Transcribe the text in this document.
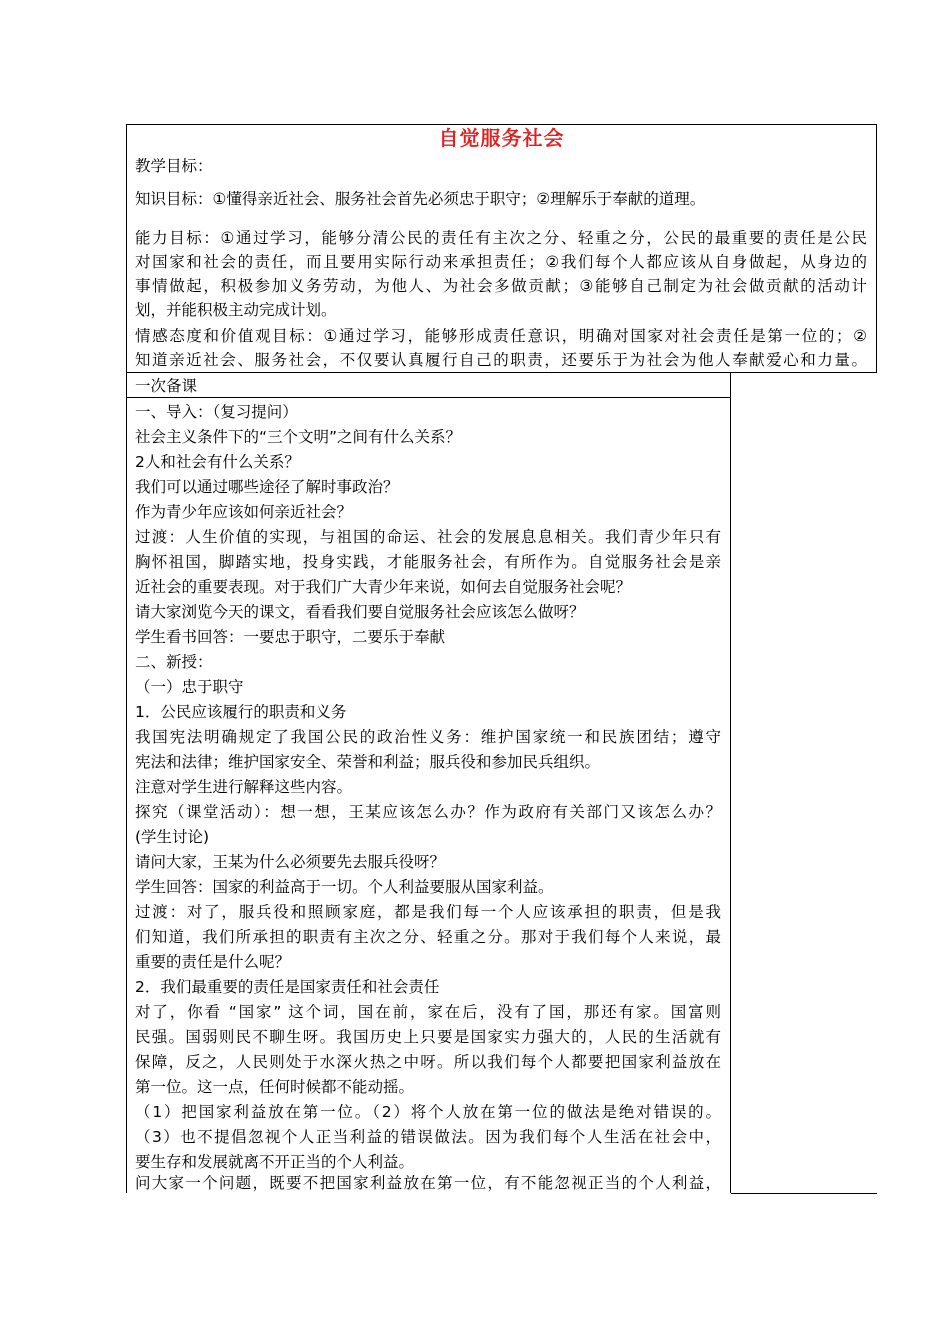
自觉服务社会
教学目标：
知识目标：①懂得亲近社会、服务社会首先必须忠于职守；②理解乐于奉献的道理。
能力目标：①通过学习，能够分清公民的责任有主次之分、轻重之分，公民的最重要的责任是公民
对国家和社会的责任，而且要用实际行动来承担责任；②我们每个人都应该从自身做起，从身边的
事情做起，积极参加义务劳动，为他人、为社会多做贡献；③能够自己制定为社会做贡献的活动计
划，并能积极主动完成计划。
情感态度和价值观目标：①通过学习，能够形成责任意识，明确对国家对社会责任是第一位的；②
知道亲近社会、服务社会，不仅要认真履行自己的职责，还要乐于为社会为他人奉献爱心和力量。
一次备课
一、导入：（复习提问）
社会主义条件下的“三个文明”之间有什么关系？
2人和社会有什么关系？
我们可以通过哪些途径了解时事政治？
作为青少年应该如何亲近社会？
过渡：人生价值的实现，与祖国的命运、社会的发展息息相关。我们青少年只有
胸怀祖国，脚踏实地，投身实践，才能服务社会，有所作为。自觉服务社会是亲
近社会的重要表现。对于我们广大青少年来说，如何去自觉服务社会呢？
请大家浏览今天的课文，看看我们要自觉服务社会应该怎么做呀？
学生看书回答：一要忠于职守，二要乐于奉献
二、新授：
（一）忠于职守
1．公民应该履行的职责和义务
我国宪法明确规定了我国公民的政治性义务：维护国家统一和民族团结；遵守
宪法和法律；维护国家安全、荣誉和利益；服兵役和参加民兵组织。
注意对学生进行解释这些内容。
探究（课堂活动）：想一想，王某应该怎么办？作为政府有关部门又该怎么办？
(学生讨论)
请问大家，王某为什么必须要先去服兵役呀？
学生回答：国家的利益高于一切。个人利益要服从国家利益。
过渡：对了，服兵役和照顾家庭，都是我们每一个人应该承担的职责，但是我
们知道，我们所承担的职责有主次之分、轻重之分。那对于我们每个人来说，最
重要的责任是什么呢？
2．我们最重要的责任是国家责任和社会责任
对了，你看 “国家” 这个词，国在前，家在后，没有了国，那还有家。国富则
民强。国弱则民不聊生呀。我国历史上只要是国家实力强大的，人民的生活就有
保障，反之，人民则处于水深火热之中呀。所以我们每个人都要把国家利益放在
第一位。这一点，任何时候都不能动摇。
（1）把国家利益放在第一位。（2）将个人放在第一位的做法是绝对错误的。
（3）也不提倡忽视个人正当利益的错误做法。因为我们每个人生活在社会中，
要生存和发展就离不开正当的个人利益。
问大家一个问题，既要不把国家利益放在第一位，有不能忽视正当的个人利益，
